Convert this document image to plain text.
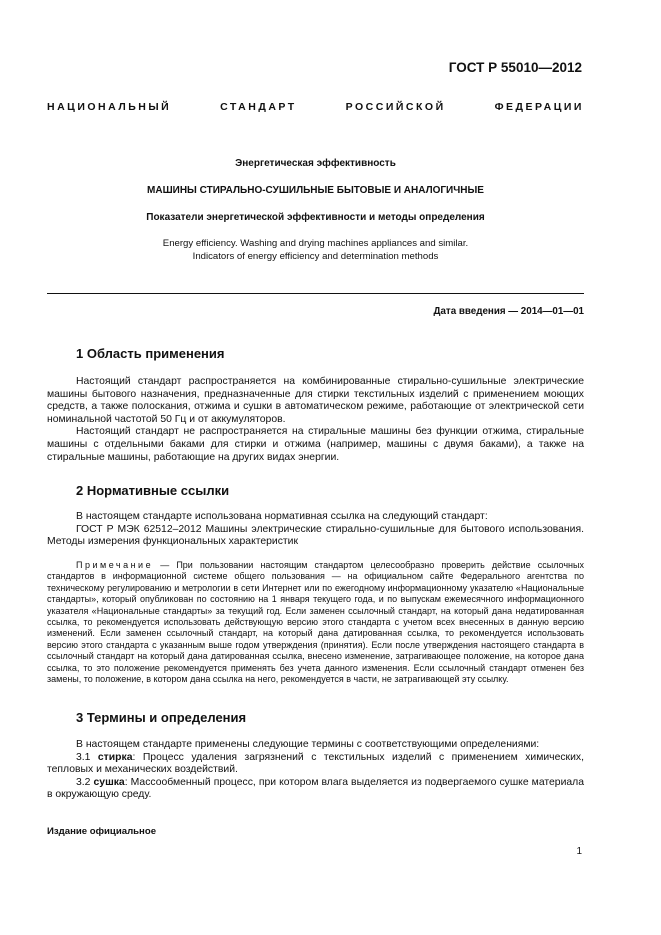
ГОСТ Р 55010—2012
НАЦИОНАЛЬНЫЙ	СТАНДАРТ	РОССИЙСКОЙ	ФЕДЕРАЦИИ
Энергетическая эффективность
МАШИНЫ СТИРАЛЬНО-СУШИЛЬНЫЕ БЫТОВЫЕ И АНАЛОГИЧНЫЕ
Показатели энергетической эффективности и методы определения
Energy efficiency. Washing and drying machines appliances and similar.
Indicators of energy efficiency and determination methods
Дата введения — 2014—01—01
1 Область применения

Настоящий стандарт распространяется на комбинированные стирально-сушильные электрические машины бытового назначения, предназначенные для стирки текстильных изделий с применением моющих средств, а также полоскания, отжима и сушки в автоматическом режиме, работающие от электрической сети номинальной частотой 50 Гц и от аккумуляторов.

Настоящий стандарт не распространяется на стиральные машины без функции отжима, стиральные машины с отдельными баками для стирки и отжима (например, машины с двумя баками), а также на стиральные машины, работающие на других видах энергии.

2 Нормативные ссылки

В настоящем стандарте использована нормативная ссылка на следующий стандарт:

ГОСТ Р МЭК 62512–2012 Машины электрические стирально-сушильные для бытового использования. Методы измерения функциональных характеристик

Примечание — При пользовании настоящим стандартом целесообразно проверить действие ссылочных стандартов в информационной системе общего пользования — на официальном сайте Федерального агентства по техническому регулированию и метрологии в сети Интернет или по ежегодному информационному указателю «Национальные стандарты», который опубликован по состоянию на 1 января текущего года, и по выпускам ежемесячного информационного указателя «Национальные стандарты» за текущий год. Если заменен ссылочный стандарт, на который дана недатированная ссылка, то рекомендуется использовать действующую версию этого стандарта с учетом всех внесенных в данную версию изменений. Если заменен ссылочный стандарт, на который дана датированная ссылка, то рекомендуется использовать версию этого стандарта с указанным выше годом утверждения (принятия). Если после утверждения настоящего стандарта в ссылочный стандарт на который дана датированная ссылка, внесено изменение, затрагивающее положение, на которое дана ссылка, то это положение рекомендуется применять без учета данного изменения. Если ссылочный стандарт отменен без замены, то положение, в котором дана ссылка на него, рекомендуется в части, не затрагивающей эту ссылку.

3 Термины и определения

В настоящем стандарте применены следующие термины с соответствующими определениями:

3.1 стирка: Процесс удаления загрязнений с текстильных изделий с применением химических, тепловых и механических воздействий.

3.2 сушка: Массообменный процесс, при котором влага выделяется из подвергаемого сушке материала в окружающую среду.

Издание официальное
1
